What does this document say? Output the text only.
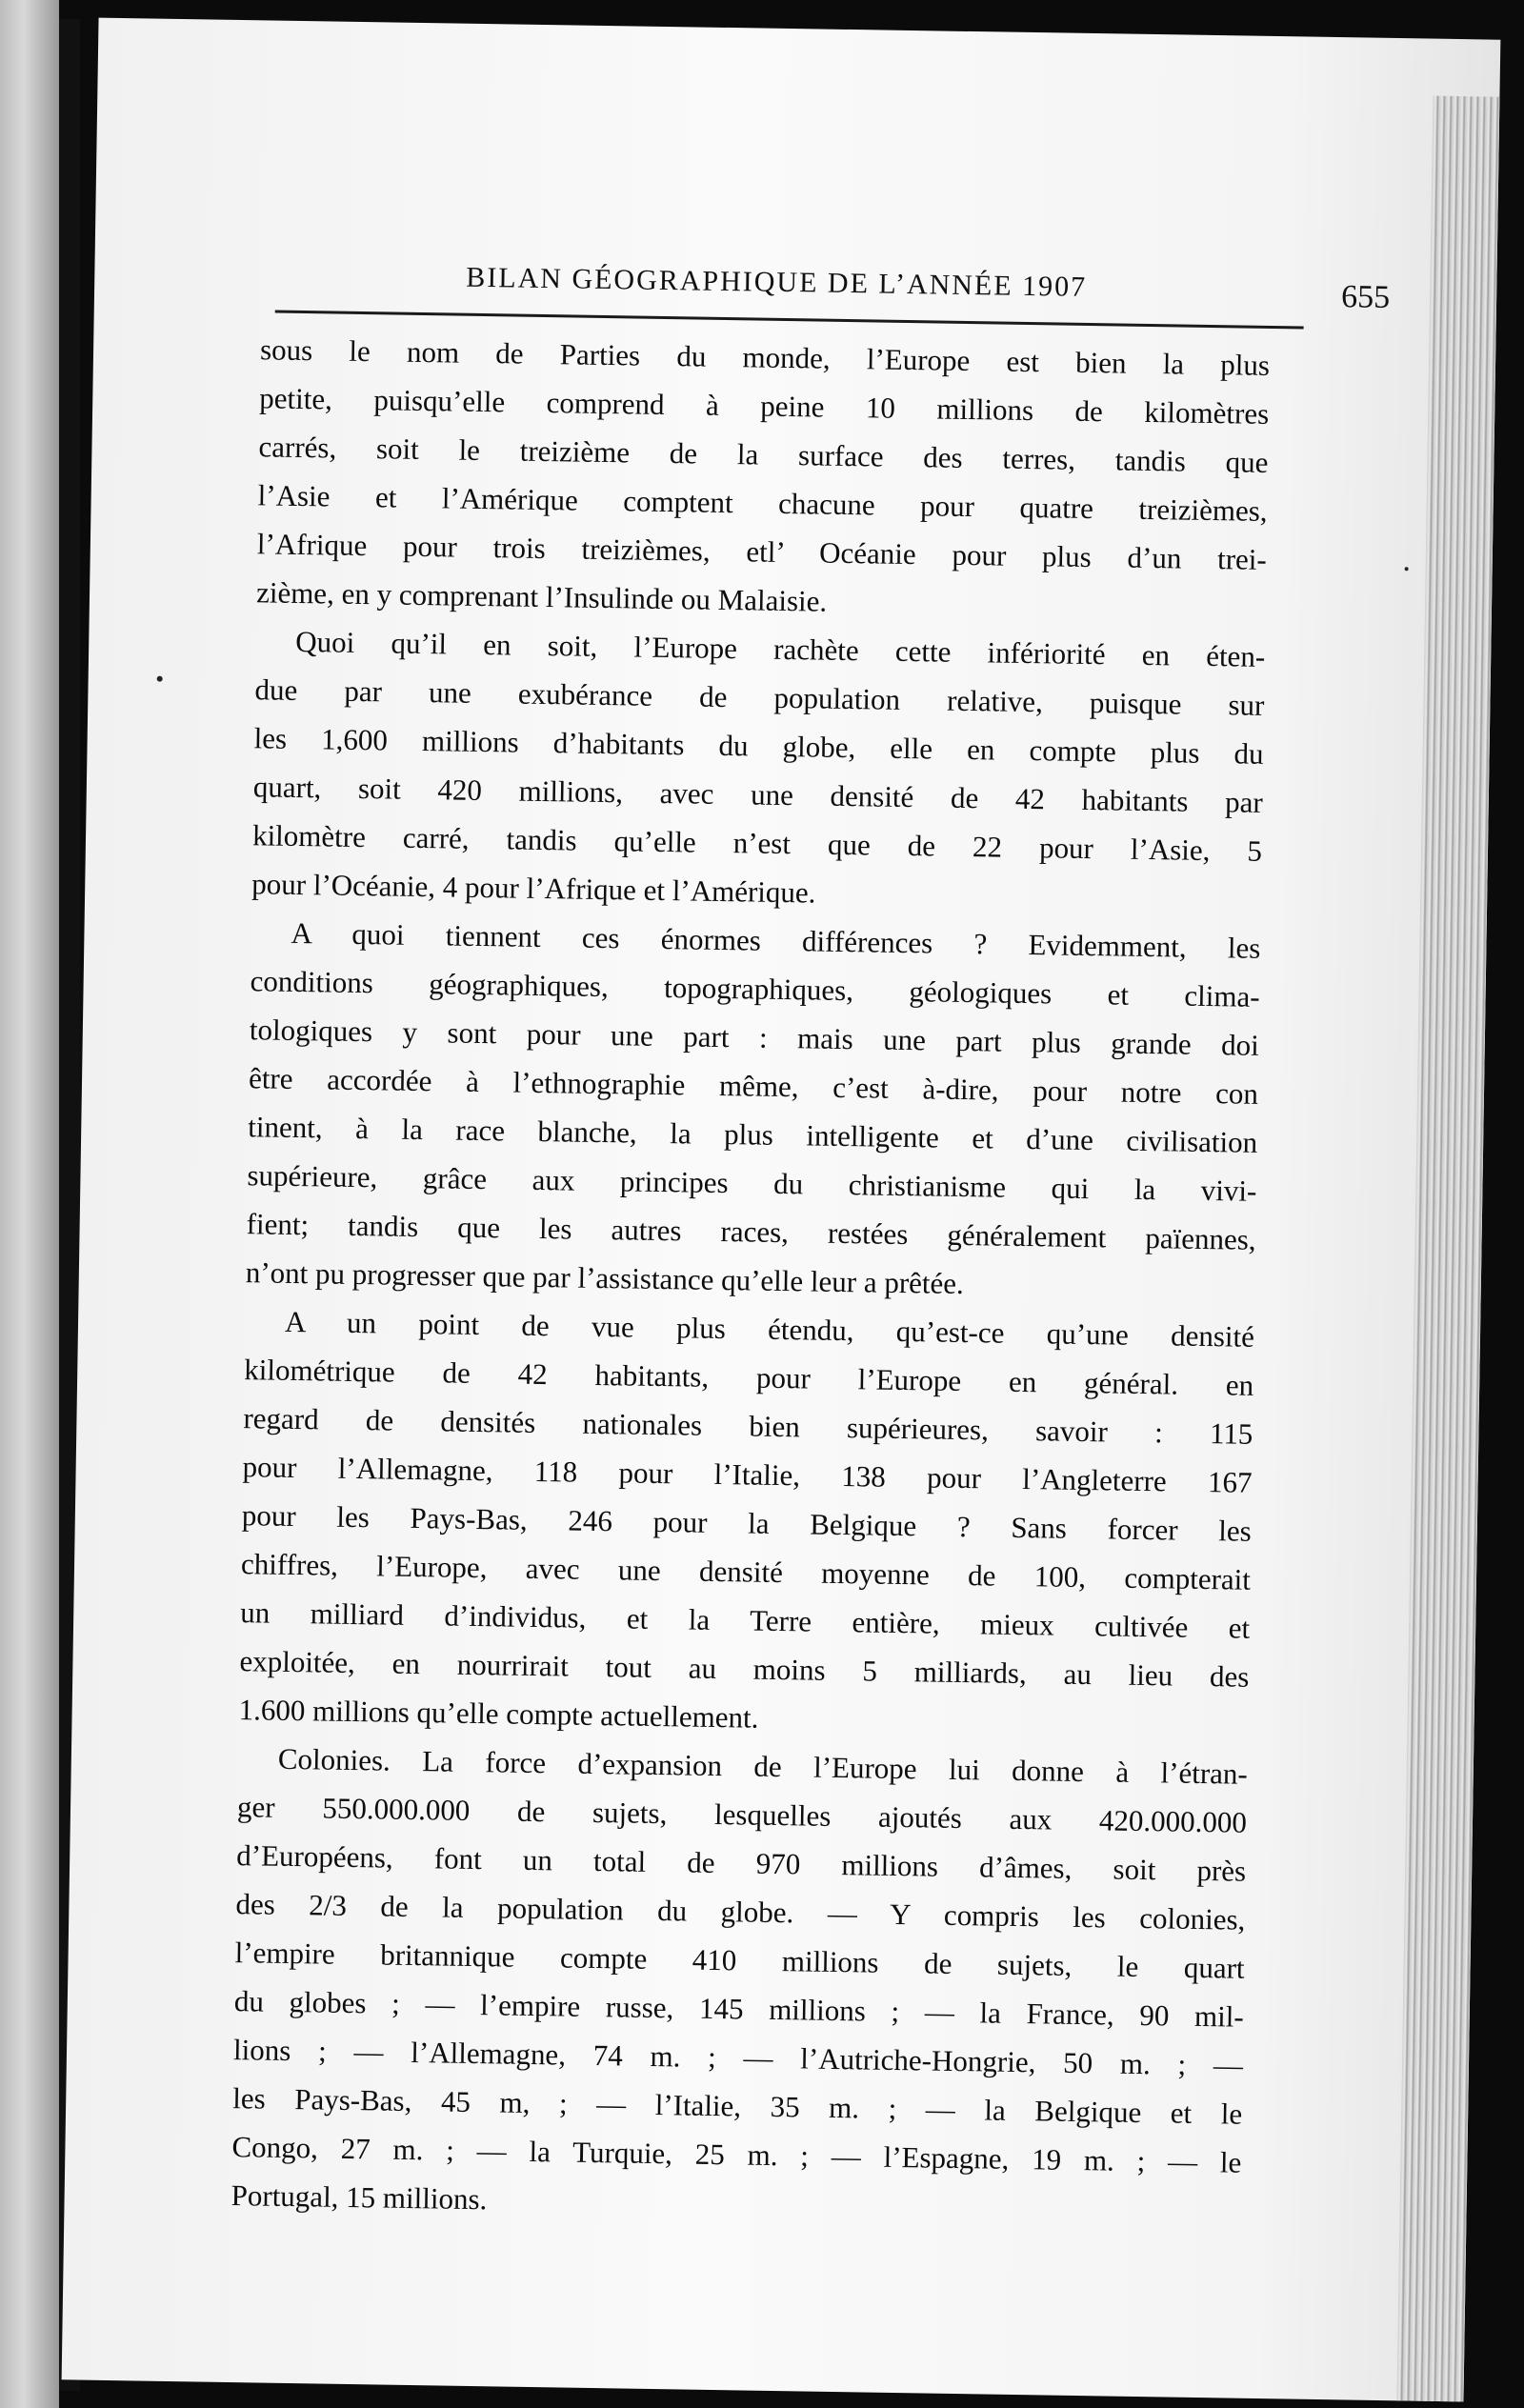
BILAN GÉOGRAPHIQUE DE L’ANNÉE 1907	655
sous le nom de Parties du monde, l’Europe est bien la plus
petite, puisqu’elle comprend à peine 10 millions de kilomètres
carrés, soit le treizième de la surface des terres, tandis que
l’Asie et l’Amérique comptent chacune pour quatre treizièmes,
l’Afrique pour trois treizièmes, etl’ Océanie pour plus d’un trei-
zième, en y comprenant l’Insulinde ou Malaisie.
Quoi qu’il en soit, l’Europe rachète cette infériorité en éten-
due par une exubérance de population relative, puisque sur
les 1,600 millions d’habitants du globe, elle en compte plus du
quart, soit 420 millions, avec une densité de 42 habitants par
kilomètre carré, tandis qu’elle n’est que de 22 pour l’Asie, 5
pour l’Océanie, 4 pour l’Afrique et l’Amérique.
A quoi tiennent ces énormes différences ? Evidemment, les
conditions géographiques, topographiques, géologiques et clima-
tologiques y sont pour une part : mais une part plus grande doi
être accordée à l’ethnographie même, c’est à-dire, pour notre con
tinent, à la race blanche, la plus intelligente et d’une civilisation
supérieure, grâce aux principes du christianisme qui la vivi-
fient; tandis que les autres races, restées généralement païennes,
n’ont pu progresser que par l’assistance qu’elle leur a prêtée.
A un point de vue plus étendu, qu’est-ce qu’une densité
kilométrique de 42 habitants, pour l’Europe en général. en
regard de densités nationales bien supérieures, savoir : 115
pour l’Allemagne, 118 pour l’Italie, 138 pour l’Angleterre 167
pour les Pays-Bas, 246 pour la Belgique ? Sans forcer les
chiffres, l’Europe, avec une densité moyenne de 100, compterait
un milliard d’individus, et la Terre entière, mieux cultivée et
exploitée, en nourrirait tout au moins 5 milliards, au lieu des
1.600 millions qu’elle compte actuellement.
Colonies. La force d’expansion de l’Europe lui donne à l’étran-
ger 550.000.000 de sujets, lesquelles ajoutés aux 420.000.000
d’Européens, font un total de 970 millions d’âmes, soit près
des 2/3 de la population du globe. — Y compris les colonies,
l’empire britannique compte 410 millions de sujets, le quart
du globes ; — l’empire russe, 145 millions ; — la France, 90 mil-
lions ; — l’Allemagne, 74 m. ; — l’Autriche-Hongrie, 50 m. ; —
les Pays-Bas, 45 m, ; — l’Italie, 35 m. ; — la Belgique et le
Congo, 27 m. ; — la Turquie, 25 m. ; — l’Espagne, 19 m. ; — le
Portugal, 15 millions.
